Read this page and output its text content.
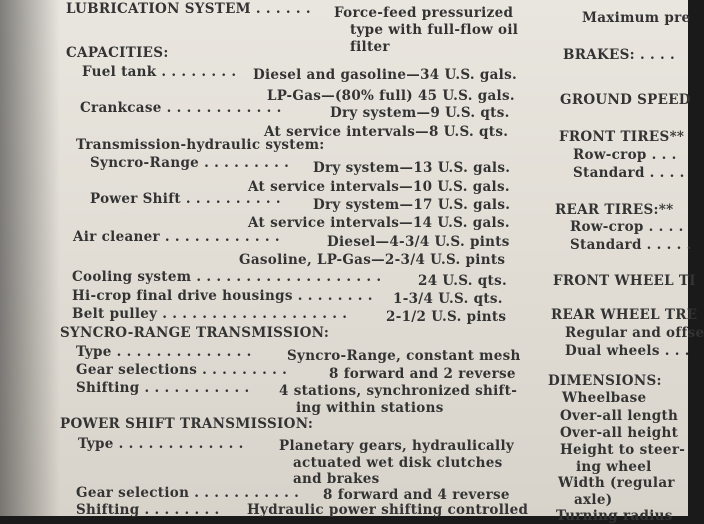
LUBRICATION SYSTEM . . . . . . Force-feed pressurized
type with full-flow oil
filter
CAPACITIES:
Fuel tank . . . . . . . . Diesel and gasoline—34 U.S. gals.
LP-Gas—(80% full) 45 U.S. gals.
Crankcase . . . . . . . . . . . .	Dry system—9 U.S. qts.
At service intervals—8 U.S. qts.
Transmission-hydraulic system:
Syncro-Range . . . . . . . . . Dry system—13 U.S. gals.
At service intervals—10 U.S. gals.
Power Shift . . . . . . . . . . Dry system—17 U.S. gals.
At service intervals—14 U.S. gals.
Air cleaner . . . . . . . . . . . .	Diesel—4-3/4 U.S. pints
Gasoline, LP-Gas—2-3/4 U.S. pints
Cooling system . . . . . . . . . . . . . . . . . . .	24 U.S. qts.
Hi-crop final drive housings . . . . . . . . 1-3/4 U.S. qts.
Belt pulley . . . . . . . . . . . . . . . . . . .	2-1/2 U.S. pints
SYNCRO-RANGE TRANSMISSION:
Type . . . . . . . . . . . . . .	Syncro-Range, constant mesh
Gear selections . . . . . . . . .	8 forward and 2 reverse
Shifting . . . . . . . . . . . 4 stations, synchronized shift-
ing within stations
POWER SHIFT TRANSMISSION:
Type . . . . . . . . . . . . .	Planetary gears, hydraulically
actuated wet disk clutches
and brakes
Gear selection . . . . . . . . . . . 8 forward and 4 reverse
Shifting . . . . . . . . Hydraulic power shifting controlled
Maximum pre
BRAKES: . . . .
GROUND SPEED
FRONT TIRES**
Row-crop . . .
Standard . . . .
REAR TIRES:**
Row-crop . . . .
Standard . . . . .
FRONT WHEEL TI
REAR WHEEL TRE
Regular and offse
Dual wheels . . .
DIMENSIONS:
Wheelbase
Over-all length
Over-all height
Height to steer-
ing wheel
Width (regular
axle)
Turning radius
